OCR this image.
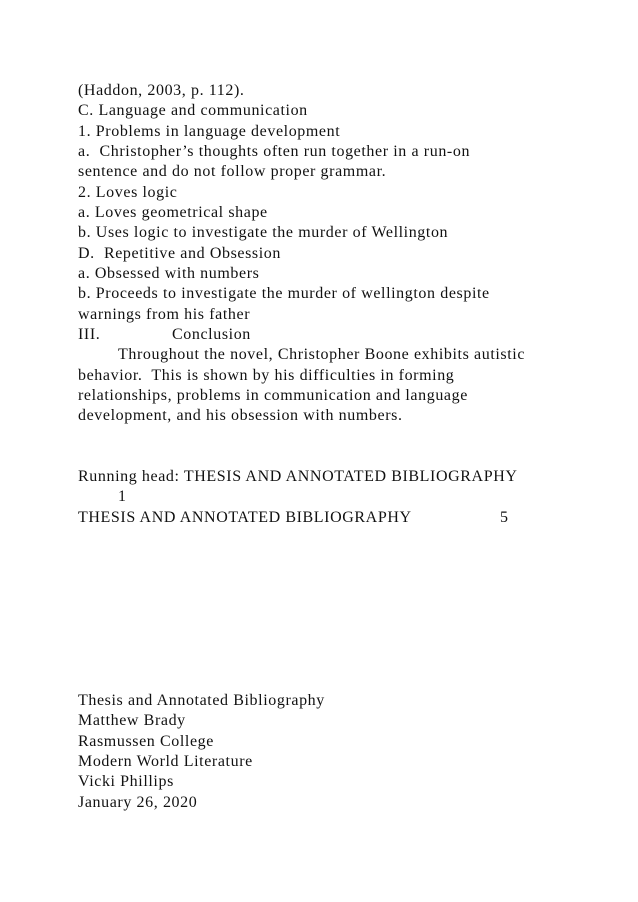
(Haddon, 2003, p. 112).
C. Language and communication
1. Problems in language development
a.  Christopher’s thoughts often run together in a run-on
sentence and do not follow proper grammar.
2. Loves logic
a. Loves geometrical shape
b. Uses logic to investigate the murder of Wellington
D.  Repetitive and Obsession
a. Obsessed with numbers
b. Proceeds to investigate the murder of wellington despite
warnings from his father
III.	Conclusion
Throughout the novel, Christopher Boone exhibits autistic
behavior.  This is shown by his difficulties in forming
relationships, problems in communication and language
development, and his obsession with numbers.
Running head: THESIS AND ANNOTATED BIBLIOGRAPHY
1
THESIS AND ANNOTATED BIBLIOGRAPHY	5
Thesis and Annotated Bibliography
Matthew Brady
Rasmussen College
Modern World Literature
Vicki Phillips
January 26, 2020
